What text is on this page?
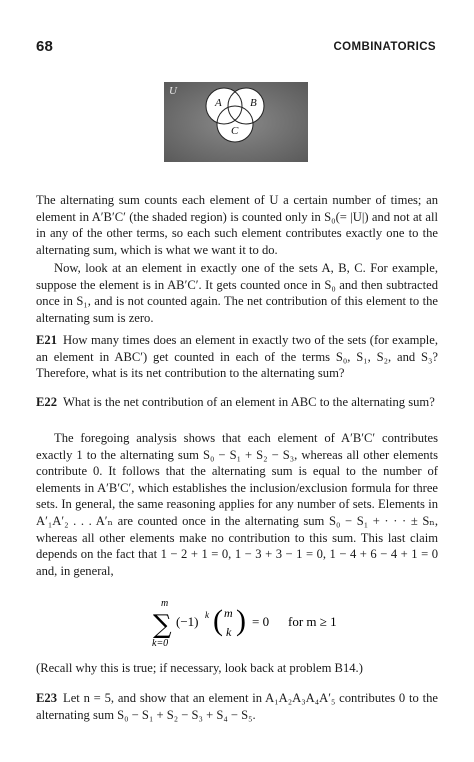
68	COMBINATORICS
U
A	B
C

The alternating sum counts each element of U a certain number of times; an element in A′B′C′ (the shaded region) is counted only in S₀(= |U|) and not at all in any of the other terms, so each such element contributes exactly one to the alternating sum, which is what we want it to do.

Now, look at an element in exactly one of the sets A, B, C. For example, suppose the element is in AB′C′. It gets counted once in S₀ and then subtracted once in S₁, and is not counted again. The net contribution of this element to the alternating sum is zero.

E21 How many times does an element in exactly two of the sets (for example, an element in ABC′) get counted in each of the terms S₀, S₁, S₂, and S₃? Therefore, what is its net contribution to the alternating sum?

E22 What is the net contribution of an element in ABC to the alternating sum?

The foregoing analysis shows that each element of A′B′C′ contributes exactly 1 to the alternating sum S₀ − S₁ + S₂ − S₃, whereas all other elements contribute 0. It follows that the alternating sum is equal to the number of elements in A′B′C′, which establishes the inclusion/exclusion formula for three sets. In general, the same reasoning applies for any number of sets. Elements in A′₁A′₂ . . . A′ₙ are counted once in the alternating sum S₀ − S₁ + · · · ± Sₙ, whereas all other elements make no contribution to this sum. This last claim depends on the fact that 1 − 2 + 1 = 0, 1 − 3 + 3 − 1 = 0, 1 − 4 + 6 − 4 + 1 = 0 and, in general,

m
∑
k=0
(−1) k ( m
k ) = 0 for m ≥ 1

(Recall why this is true; if necessary, look back at problem B14.)

E23 Let n = 5, and show that an element in A₁A₂A₃A₄A′₅ contributes 0 to the alternating sum S₀ − S₁ + S₂ − S₃ + S₄ − S₅.
